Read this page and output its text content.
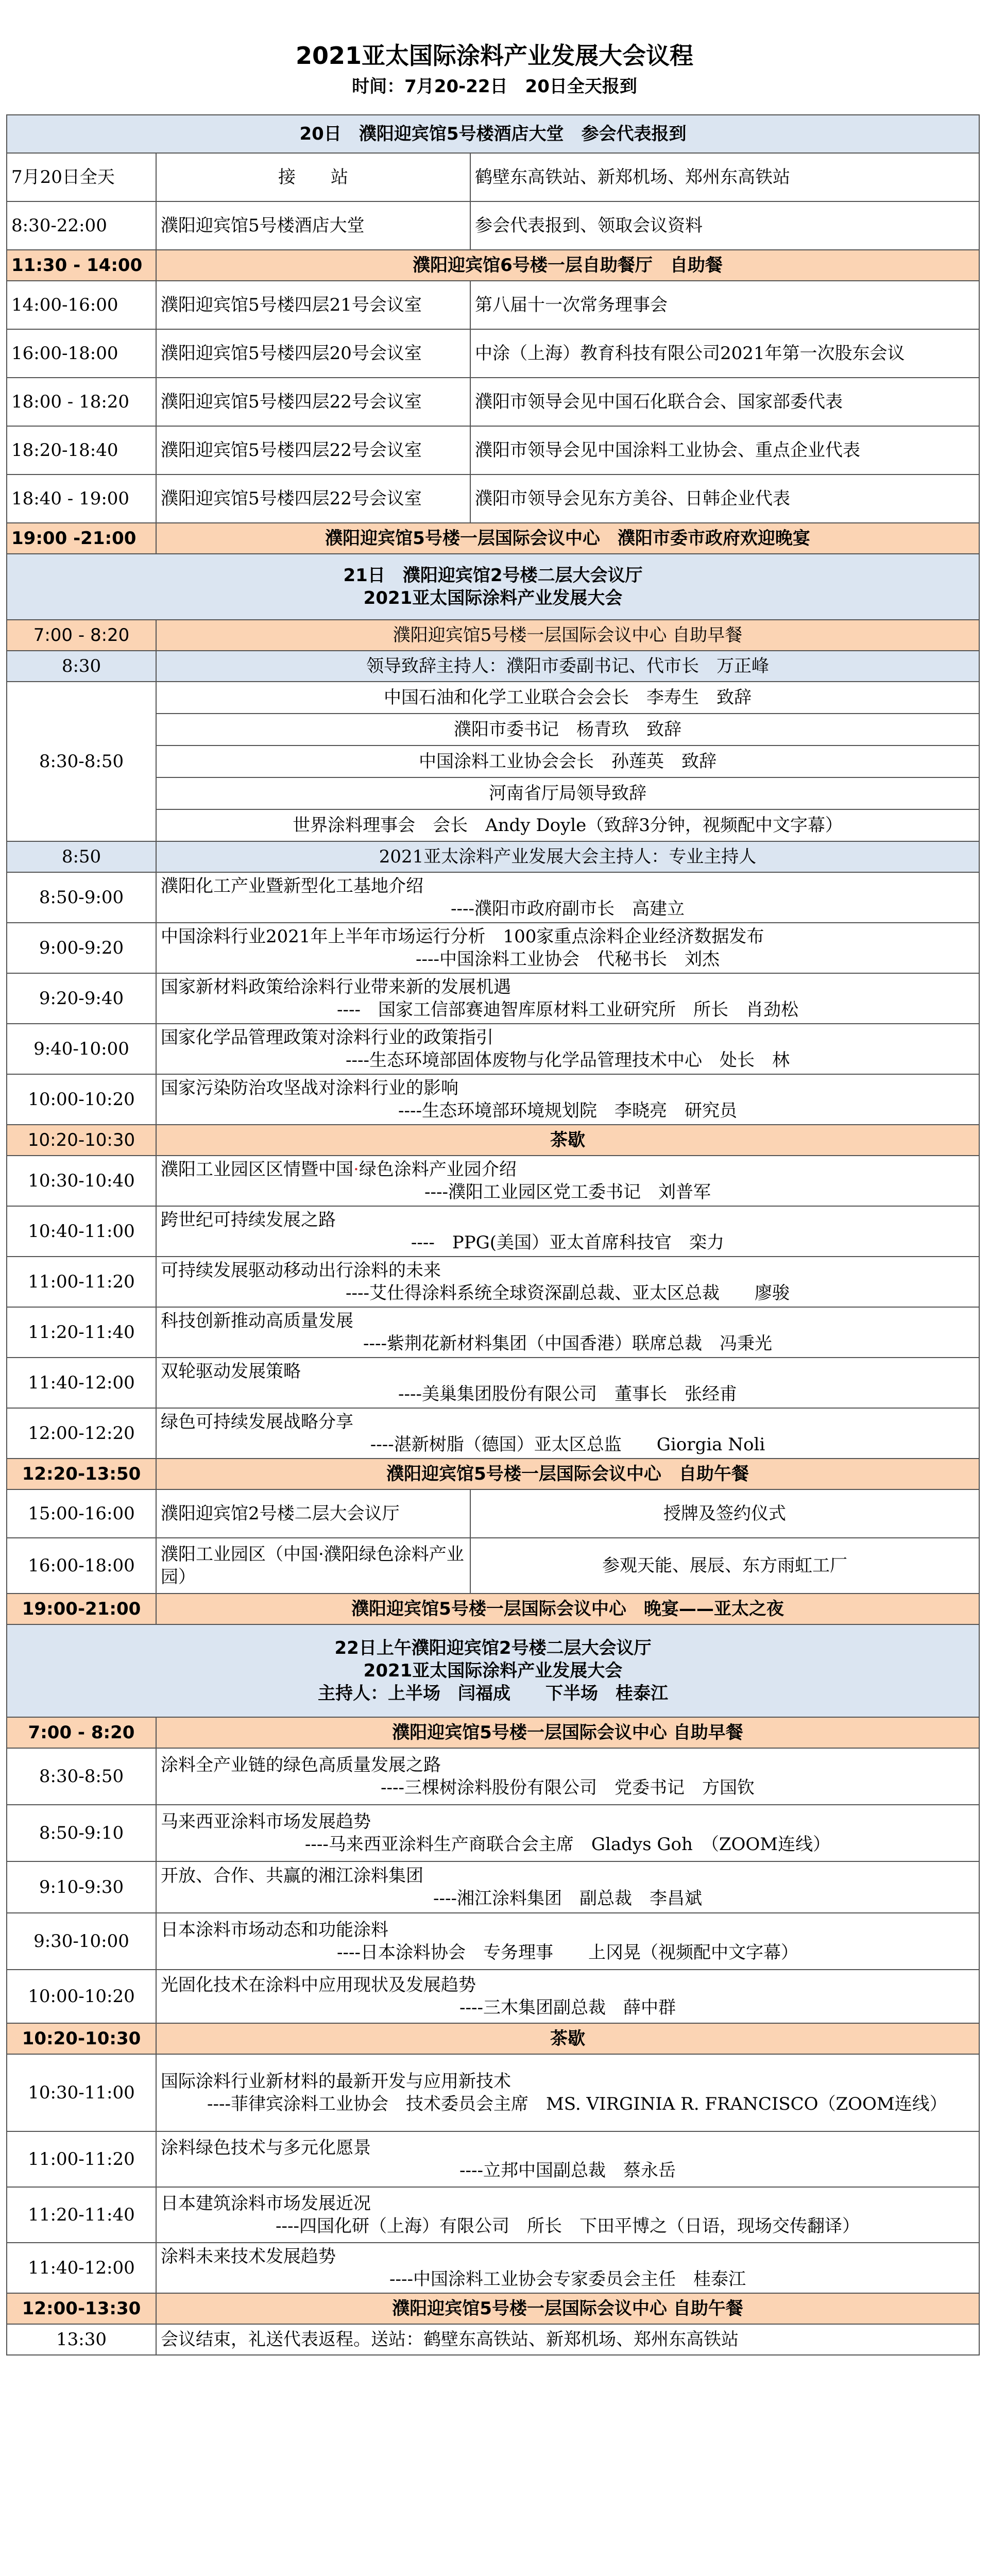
2021亚太国际涂料产业发展大会议程
时间：7月20-22日　20日全天报到
20日　濮阳迎宾馆5号楼酒店大堂　参会代表报到		
7月20日全天	接　　站	鹤壁东高铁站、新郑机场、郑州东高铁站
8:30-22:00	濮阳迎宾馆5号楼酒店大堂	参会代表报到、领取会议资料
11:30 - 14:00	濮阳迎宾馆6号楼一层自助餐厅　自助餐	
14:00-16:00	濮阳迎宾馆5号楼四层21号会议室	第八届十一次常务理事会
16:00-18:00	濮阳迎宾馆5号楼四层20号会议室	中涂（上海）教育科技有限公司2021年第一次股东会议
18:00 - 18:20	濮阳迎宾馆5号楼四层22号会议室	濮阳市领导会见中国石化联合会、国家部委代表
18:20-18:40	濮阳迎宾馆5号楼四层22号会议室	濮阳市领导会见中国涂料工业协会、重点企业代表
18:40 - 19:00	濮阳迎宾馆5号楼四层22号会议室	濮阳市领导会见东方美谷、日韩企业代表
19:00 -21:00	濮阳迎宾馆5号楼一层国际会议中心　濮阳市委市政府欢迎晚宴	

21日　濮阳迎宾馆2号楼二层大会议厅
2021亚太国际涂料产业发展大会		

7:00 - 8:20	濮阳迎宾馆5号楼一层国际会议中心 自助早餐	
8:30	领导致辞主持人：濮阳市委副书记、代市长　万正峰	
8:30-8:50	中国石油和化学工业联合会会长　李寿生　致辞	
	濮阳市委书记　杨青玖　致辞	
	中国涂料工业协会会长　孙莲英　致辞	
	河南省厅局领导致辞	
	世界涂料理事会　会长　Andy Doyle（致辞3分钟，视频配中文字幕）	
8:50	2021亚太涂料产业发展大会主持人：专业主持人	
8:50-9:00	濮阳化工产业暨新型化工基地介绍
----濮阳市政府副市长　高建立	

9:00-9:20	中国涂料行业2021年上半年市场运行分析　100家重点涂料企业经济数据发布
----中国涂料工业协会　代秘书长　刘杰	

9:20-9:40	国家新材料政策给涂料行业带来新的发展机遇
----　国家工信部赛迪智库原材料工业研究所　所长　肖劲松	

9:40-10:00	国家化学品管理政策对涂料行业的政策指引
----生态环境部固体废物与化学品管理技术中心　处长　林	

10:00-10:20	国家污染防治攻坚战对涂料行业的影响
----生态环境部环境规划院　李晓亮　研究员	

10:20-10:30	茶歇	
10:30-10:40	濮阳工业园区区情暨中国·绿色涂料产业园介绍
----濮阳工业园区党工委书记　刘普军	

10:40-11:00	跨世纪可持续发展之路
----　PPG(美国）亚太首席科技官　栾力	

11:00-11:20	可持续发展驱动移动出行涂料的未来
----艾仕得涂料系统全球资深副总裁、亚太区总裁　　廖骏	

11:20-11:40	科技创新推动高质量发展
----紫荆花新材料集团（中国香港）联席总裁　冯秉光	

11:40-12:00	双轮驱动发展策略
----美巢集团股份有限公司　董事长　张经甫	

12:00-12:20	绿色可持续发展战略分享
----湛新树脂（德国）亚太区总监　　Giorgia Noli	

12:20-13:50	濮阳迎宾馆5号楼一层国际会议中心　自助午餐	
15:00-16:00	濮阳迎宾馆2号楼二层大会议厅	授牌及签约仪式
16:00-18:00	濮阳工业园区（中国·濮阳绿色涂料产业园）	参观天能、展辰、东方雨虹工厂
19:00-21:00	濮阳迎宾馆5号楼一层国际会议中心　晚宴——亚太之夜	

22日上午濮阳迎宾馆2号楼二层大会议厅
2021亚太国际涂料产业发展大会
主持人：上半场　闫福成　　下半场　桂泰江		

7:00 - 8:20	濮阳迎宾馆5号楼一层国际会议中心 自助早餐	
8:30-8:50	涂料全产业链的绿色高质量发展之路
----三棵树涂料股份有限公司　党委书记　方国钦	

8:50-9:10	马来西亚涂料市场发展趋势
----马来西亚涂料生产商联合会主席　Gladys Goh　（ZOOM连线）	

9:10-9:30	开放、合作、共赢的湘江涂料集团
----湘江涂料集团　副总裁　李昌斌	

9:30-10:00	日本涂料市场动态和功能涂料
----日本涂料协会　专务理事　　上冈晃（视频配中文字幕）	

10:00-10:20	光固化技术在涂料中应用现状及发展趋势
----三木集团副总裁　薛中群	

10:20-10:30	茶歇	
10:30-11:00	国际涂料行业新材料的最新开发与应用新技术
----菲律宾涂料工业协会　技术委员会主席　MS. VIRGINIA R. FRANCISCO（ZOOM连线）	

11:00-11:20	涂料绿色技术与多元化愿景
----立邦中国副总裁　蔡永岳	

11:20-11:40	日本建筑涂料市场发展近况
----四国化研（上海）有限公司　所长　下田平博之（日语，现场交传翻译）	

11:40-12:00	涂料未来技术发展趋势
----中国涂料工业协会专家委员会主任　桂泰江	

12:00-13:30	濮阳迎宾馆5号楼一层国际会议中心 自助午餐	
13:30	会议结束，礼送代表返程。送站：鹤壁东高铁站、新郑机场、郑州东高铁站	
